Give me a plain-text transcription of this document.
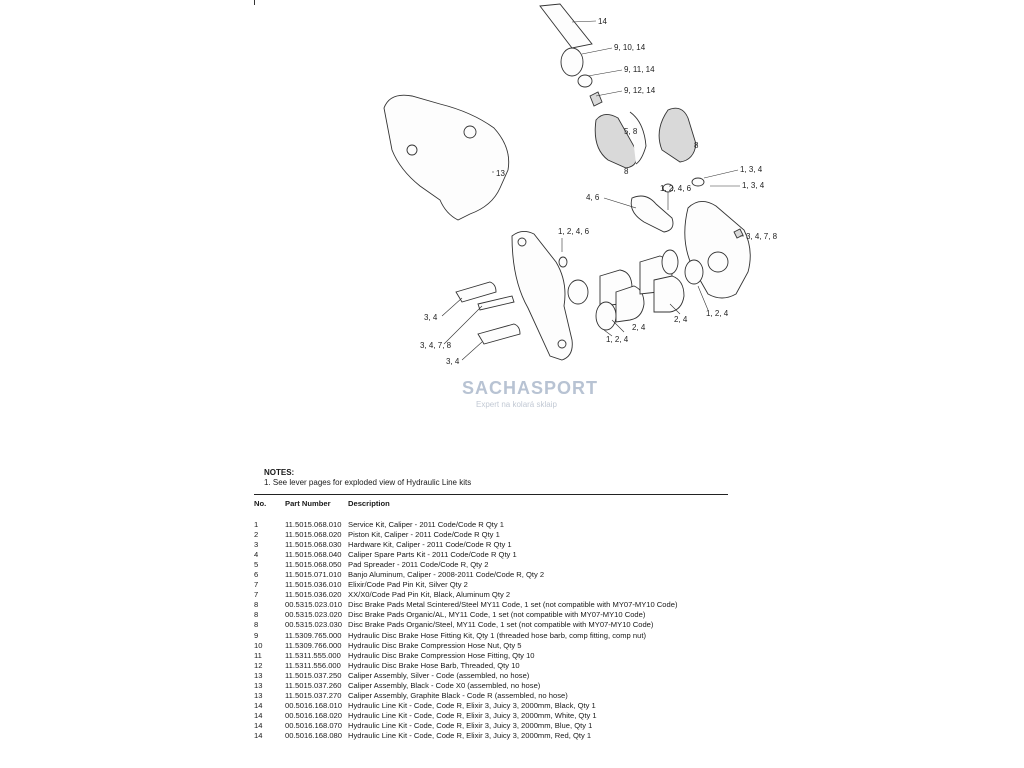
14
9, 10, 14
9, 11, 14
9, 12, 14
5, 8
8
8
13	1, 3, 4
1, 3, 4
1, 2, 4, 6
4, 6
1, 2, 4, 6
3, 4, 7, 8
3, 4
3, 4, 7, 8
3, 4
2, 4
2, 4
1, 2, 4
1, 2, 4
SACHASPORT
Expert na kolará sklaip
NOTES:
1. See lever pages for exploded view of Hydraulic Line kits
No.	Part Number	Description
1	11.5015.068.010 Service Kit, Caliper - 2011 Code/Code R Qty 1
2	11.5015.068.020 Piston Kit, Caliper - 2011 Code/Code R Qty 1
3	11.5015.068.030 Hardware Kit, Caliper - 2011 Code/Code R Qty 1
4	11.5015.068.040 Caliper Spare Parts Kit - 2011 Code/Code R Qty 1
5	11.5015.068.050 Pad Spreader - 2011 Code/Code R, Qty 2
6	11.5015.071.010 Banjo Aluminum, Caliper - 2008-2011 Code/Code R, Qty 2
7	11.5015.036.010 Elixir/Code Pad Pin Kit, Silver Qty 2
7	11.5015.036.020 XX/X0/Code Pad Pin Kit, Black, Aluminum Qty 2
8	00.5315.023.010 Disc Brake Pads Metal Scintered/Steel MY11 Code, 1 set (not compatible with MY07-MY10 Code)
8	00.5315.023.020 Disc Brake Pads Organic/AL, MY11 Code, 1 set (not compatible with MY07-MY10 Code)
8	00.5315.023.030 Disc Brake Pads Organic/Steel, MY11 Code, 1 set (not compatible with MY07-MY10 Code)
9	11.5309.765.000 Hydraulic Disc Brake Hose Fitting Kit, Qty 1 (threaded hose barb, comp fitting, comp nut)
10	11.5309.766.000 Hydraulic Disc Brake Compression Hose Nut, Qty 5
11	11.5311.555.000 Hydraulic Disc Brake Compression Hose Fitting, Qty 10
12	11.5311.556.000 Hydraulic Disc Brake Hose Barb, Threaded, Qty 10
13	11.5015.037.250 Caliper Assembly, Silver - Code (assembled, no hose)
13	11.5015.037.260 Caliper Assembly, Black - Code X0 (assembled, no hose)
13	11.5015.037.270 Caliper Assembly, Graphite Black - Code R (assembled, no hose)
14	00.5016.168.010 Hydraulic Line Kit - Code, Code R, Elixir 3, Juicy 3, 2000mm, Black, Qty 1
14	00.5016.168.020 Hydraulic Line Kit - Code, Code R, Elixir 3, Juicy 3, 2000mm, White, Qty 1
14	00.5016.168.070 Hydraulic Line Kit - Code, Code R, Elixir 3, Juicy 3, 2000mm, Blue, Qty 1
14	00.5016.168.080 Hydraulic Line Kit - Code, Code R, Elixir 3, Juicy 3, 2000mm, Red, Qty 1
